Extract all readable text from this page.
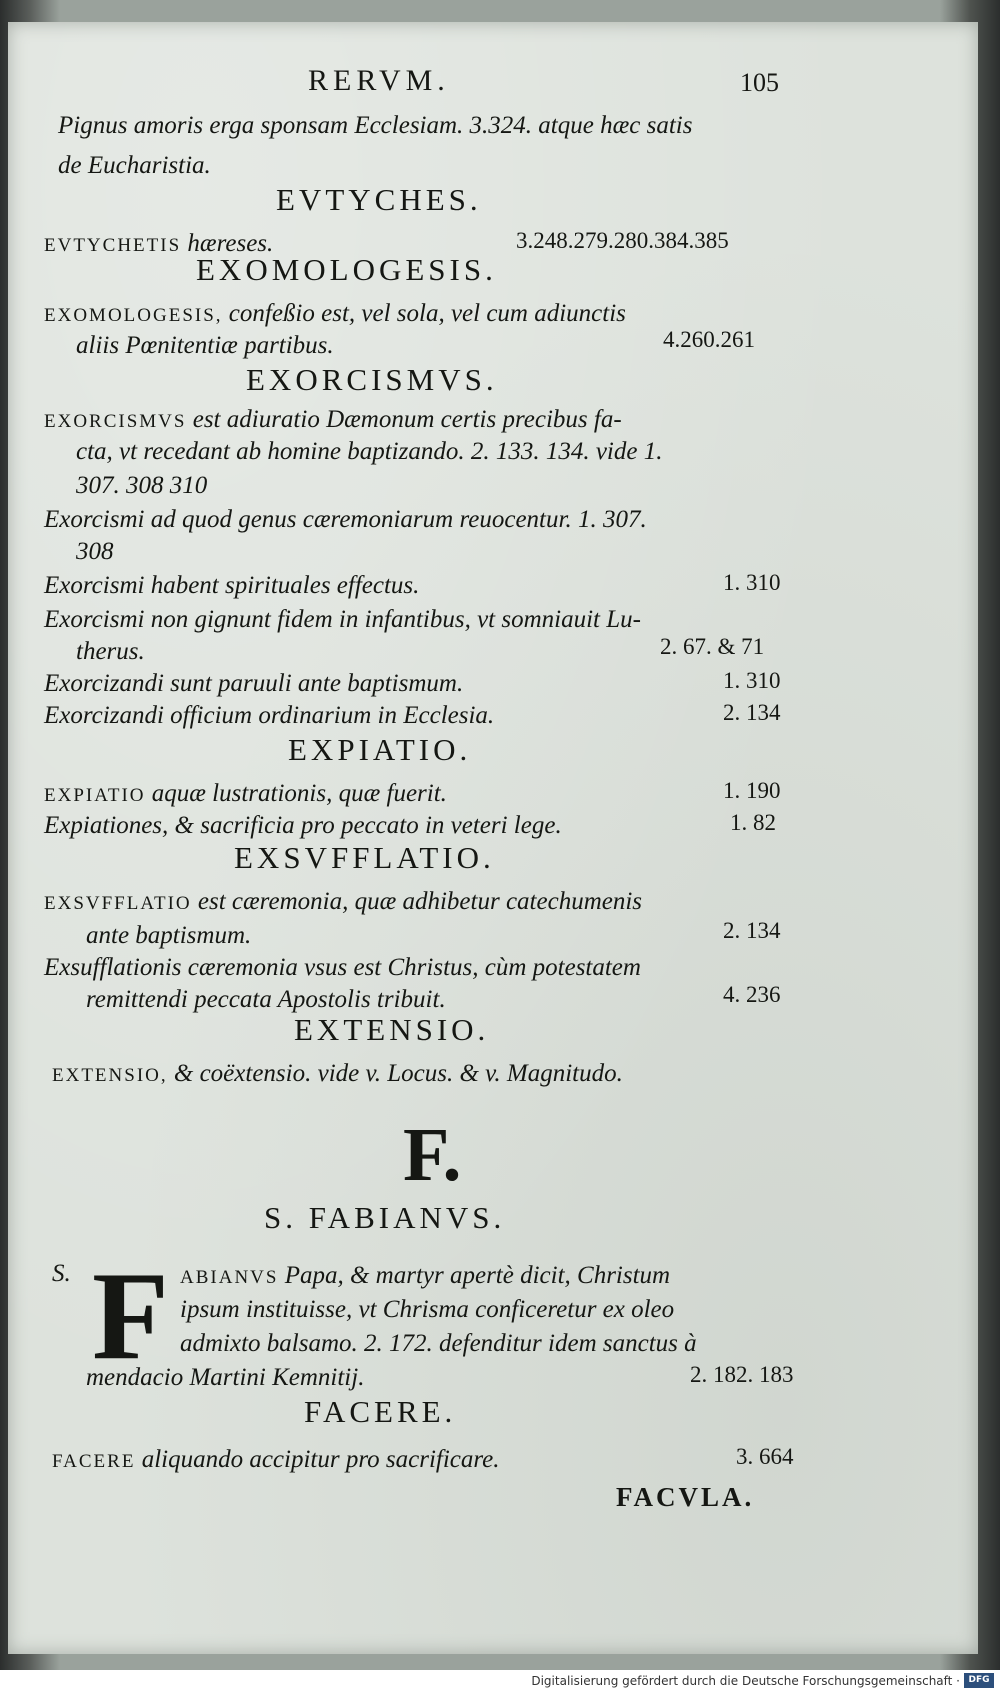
RERVM.	105
Pignus amoris erga sponsam Ecclesiam. 3.324. atque hæc satis
de Eucharistia.
EVTYCHES.
EVTYCHETIS hæreses.	3.248.279.280.384.385
EXOMOLOGESIS.
EXOMOLOGESIS, confeßio est, vel sola, vel cum adiunctis
aliis Pœnitentiæ partibus.	4.260.261
EXORCISMVS.
EXORCISMVS est adiuratio Dæmonum certis precibus fa-
cta, vt recedant ab homine baptizando. 2. 133. 134. vide 1.
307. 308 310
Exorcismi ad quod genus cæremoniarum reuocentur. 1. 307.
308
Exorcismi habent spirituales effectus.	1. 310
Exorcismi non gignunt fidem in infantibus, vt somniauit Lu-
therus.	2. 67. & 71
Exorcizandi sunt paruuli ante baptismum.	1. 310
Exorcizandi officium ordinarium in Ecclesia.	2. 134
EXPIATIO.
EXPIATIO aquæ lustrationis, quæ fuerit.	1. 190
Expiationes, & sacrificia pro peccato in veteri lege.	1. 82
EXSVFFLATIO.
EXSVFFLATIO est cæremonia, quæ adhibetur catechumenis
ante baptismum.	2. 134
Exsufflationis cæremonia vsus est Christus, cùm potestatem
remittendi peccata Apostolis tribuit.	4. 236
EXTENSIO.
EXTENSIO, & coëxtensio. vide v. Locus. & v. Magnitudo.
F.
S. FABIANVS.
S. F ABIANVS Papa, & martyr apertè dicit, Christum
ipsum instituisse, vt Chrisma conficeretur ex oleo
admixto balsamo. 2. 172. defenditur idem sanctus à
mendacio Martini Kemnitij.	2. 182. 183
FACERE.
FACERE aliquando accipitur pro sacrificare.	3. 664
FACVLA.
Digitalisierung gefördert durch die Deutsche Forschungsgemeinschaft · DFG
